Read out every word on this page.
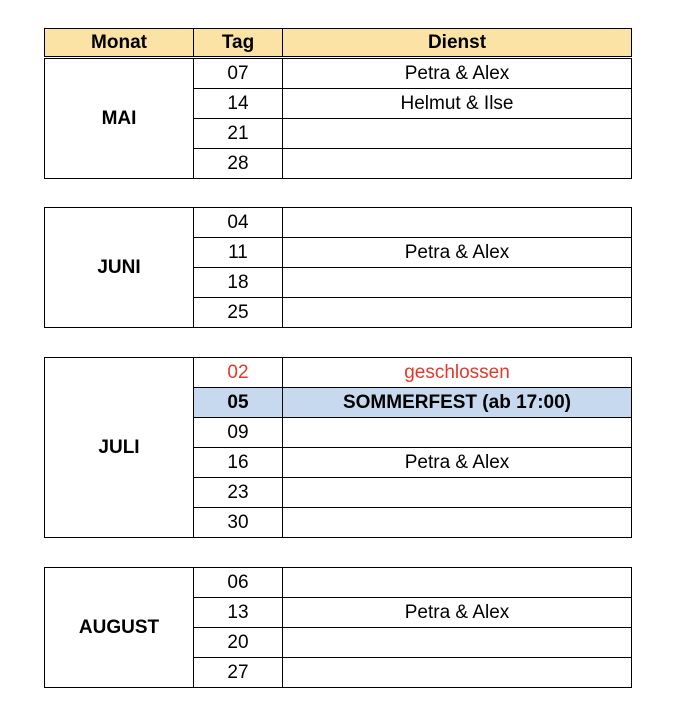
Monat	Tag	Dienst
MAI	07	Petra & Alex
	14	Helmut & Ilse
	21	
	28	
JUNI	04	
	11	Petra & Alex
	18	
	25	
JULI	02	geschlossen
	05	SOMMERFEST (ab 17:00)
	09	
	16	Petra & Alex
	23	
	30	
AUGUST	06	
	13	Petra & Alex
	20	
	27	
